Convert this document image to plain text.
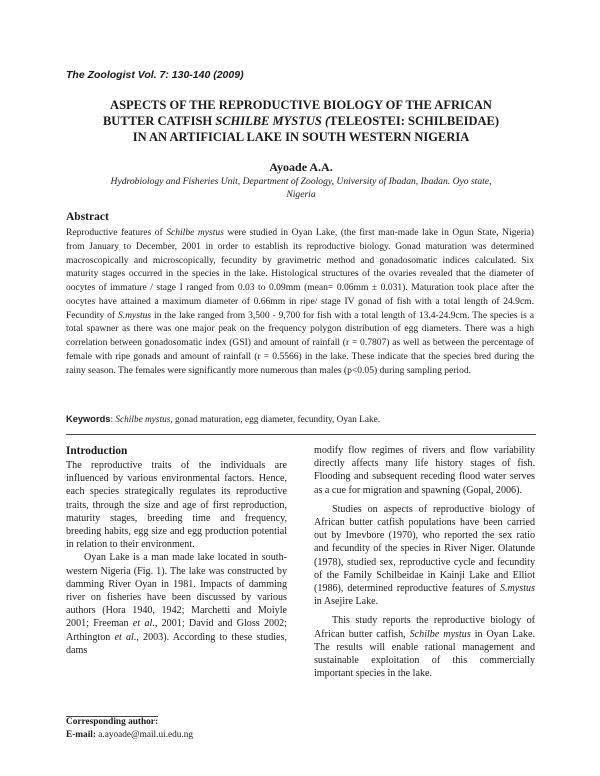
The Zoologist Vol. 7: 130-140 (2009)
ASPECTS OF THE REPRODUCTIVE BIOLOGY OF THE AFRICAN
BUTTER CATFISH SCHILBE MYSTUS (TELEOSTEI: SCHILBEIDAE)
IN AN ARTIFICIAL LAKE IN SOUTH WESTERN NIGERIA
Ayoade A.A.
Hydrobiology and Fisheries Unit, Department of Zoology, University of Ibadan, Ibadan. Oyo state, Nigeria
Abstract

Reproductive features of Schilbe mystus were studied in Oyan Lake, (the first man-made lake in Ogun State, Nigeria) from January to December, 2001 in order to establish its reproductive biology. Gonad maturation was determined macroscopically and microscopically, fecundity by gravimetric method and gonadosomatic indices calculated. Six maturity stages occurred in the species in the lake. Histological structures of the ovaries revealed that the diameter of oocytes of immature / stage I ranged from 0.03 to 0.09mm (mean= 0.06mm ± 0.031). Maturation took place after the oocytes have attained a maximum diameter of 0.66mm in ripe/ stage IV gonad of fish with a total length of 24.9cm. Fecundity of S.mystus in the lake ranged from 3,500 - 9,700 for fish with a total length of 13.4-24.9cm. The species is a total spawner as there was one major peak on the frequency polygon distribution of egg diameters. There was a high correlation between gonadosomatic index (GSI) and amount of rainfall (r = 0.7807) as well as between the percentage of female with ripe gonads and amount of rainfall (r = 0.5566) in the lake. These indicate that the species bred during the rainy season. The females were significantly more numerous than males (p<0.05) during sampling period.

Keywords: Schilbe mystus, gonad maturation, egg diameter, fecundity, Oyan Lake.
Introduction

The reproductive traits of the individuals are influenced by various environmental factors. Hence, each species strategically regulates its reproductive traits, through the size and age of first reproduction, maturity stages, breeding time and frequency, breeding habits, egg size and egg production potential in relation to their environment.

Oyan Lake is a man made lake located in south-western Nigeria (Fig. 1). The lake was constructed by damming River Oyan in 1981. Impacts of damming river on fisheries have been discussed by various authors (Hora 1940, 1942; Marchetti and Moiyle 2001; Freeman et al., 2001; David and Gloss 2002; Arthington et al., 2003). According to these studies, dams

modify flow regimes of rivers and flow variability directly affects many life history stages of fish. Flooding and subsequent receding flood water serves as a cue for migration and spawning (Gopal, 2006).

Studies on aspects of reproductive biology of African butter catfish populations have been carried out by Imevbore (1970), who reported the sex ratio and fecundity of the species in River Niger. Olatunde (1978), studied sex, reproductive cycle and fecundity of the Family Schilbeidae in Kainji Lake and Elliot (1986), determined reproductive features of S.mystus in Asejire Lake.

This study reports the reproductive biology of African butter catfish, Schilbe mystus in Oyan Lake. The results will enable rational management and sustainable exploitation of this commercially important species in the lake.

Corresponding author:
E-mail: a.ayoade@mail.ui.edu.ng
